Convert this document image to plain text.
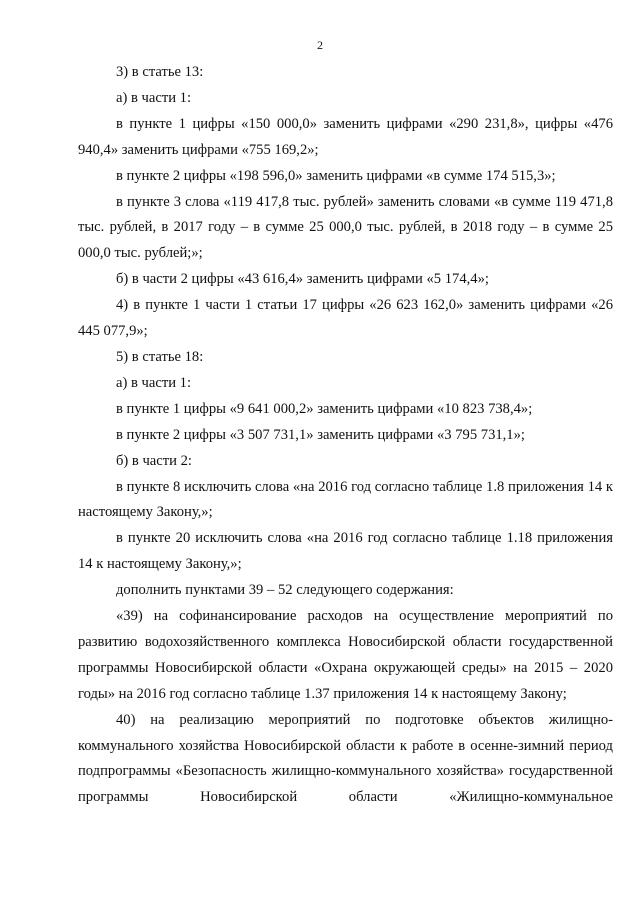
2

3) в статье 13:

а) в части 1:

в пункте 1 цифры «150 000,0» заменить цифрами «290 231,8», цифры «476 940,4» заменить цифрами «755 169,2»;

в пункте 2 цифры «198 596,0» заменить цифрами «в сумме 174 515,3»;

в пункте 3 слова «119 417,8 тыс. рублей» заменить словами «в сумме 119 471,8 тыс. рублей, в 2017 году – в сумме 25 000,0 тыс. рублей, в 2018 году – в сумме 25 000,0 тыс. рублей;»;

б) в части 2 цифры «43 616,4» заменить цифрами «5 174,4»;

4) в пункте 1 части 1 статьи 17 цифры «26 623 162,0» заменить цифрами «26 445 077,9»;

5) в статье 18:

а) в части 1:

в пункте 1 цифры «9 641 000,2» заменить цифрами «10 823 738,4»;

в пункте 2 цифры «3 507 731,1» заменить цифрами «3 795 731,1»;

б) в части 2:

в пункте 8 исключить слова «на 2016 год согласно таблице 1.8 приложения 14 к настоящему Закону,»;

в пункте 20 исключить слова «на 2016 год согласно таблице 1.18 приложения 14 к настоящему Закону,»;

дополнить пунктами 39 – 52 следующего содержания:

«39) на софинансирование расходов на осуществление мероприятий по развитию водохозяйственного комплекса Новосибирской области государственной программы Новосибирской области «Охрана окружающей среды» на 2015 – 2020 годы» на 2016 год согласно таблице 1.37 приложения 14 к настоящему Закону;

40) на реализацию мероприятий по подготовке объектов жилищно-коммунального хозяйства Новосибирской области к работе в осенне-зимний период подпрограммы «Безопасность жилищно-коммунального хозяйства» государственной программы Новосибирской области «Жилищно-коммунальное
